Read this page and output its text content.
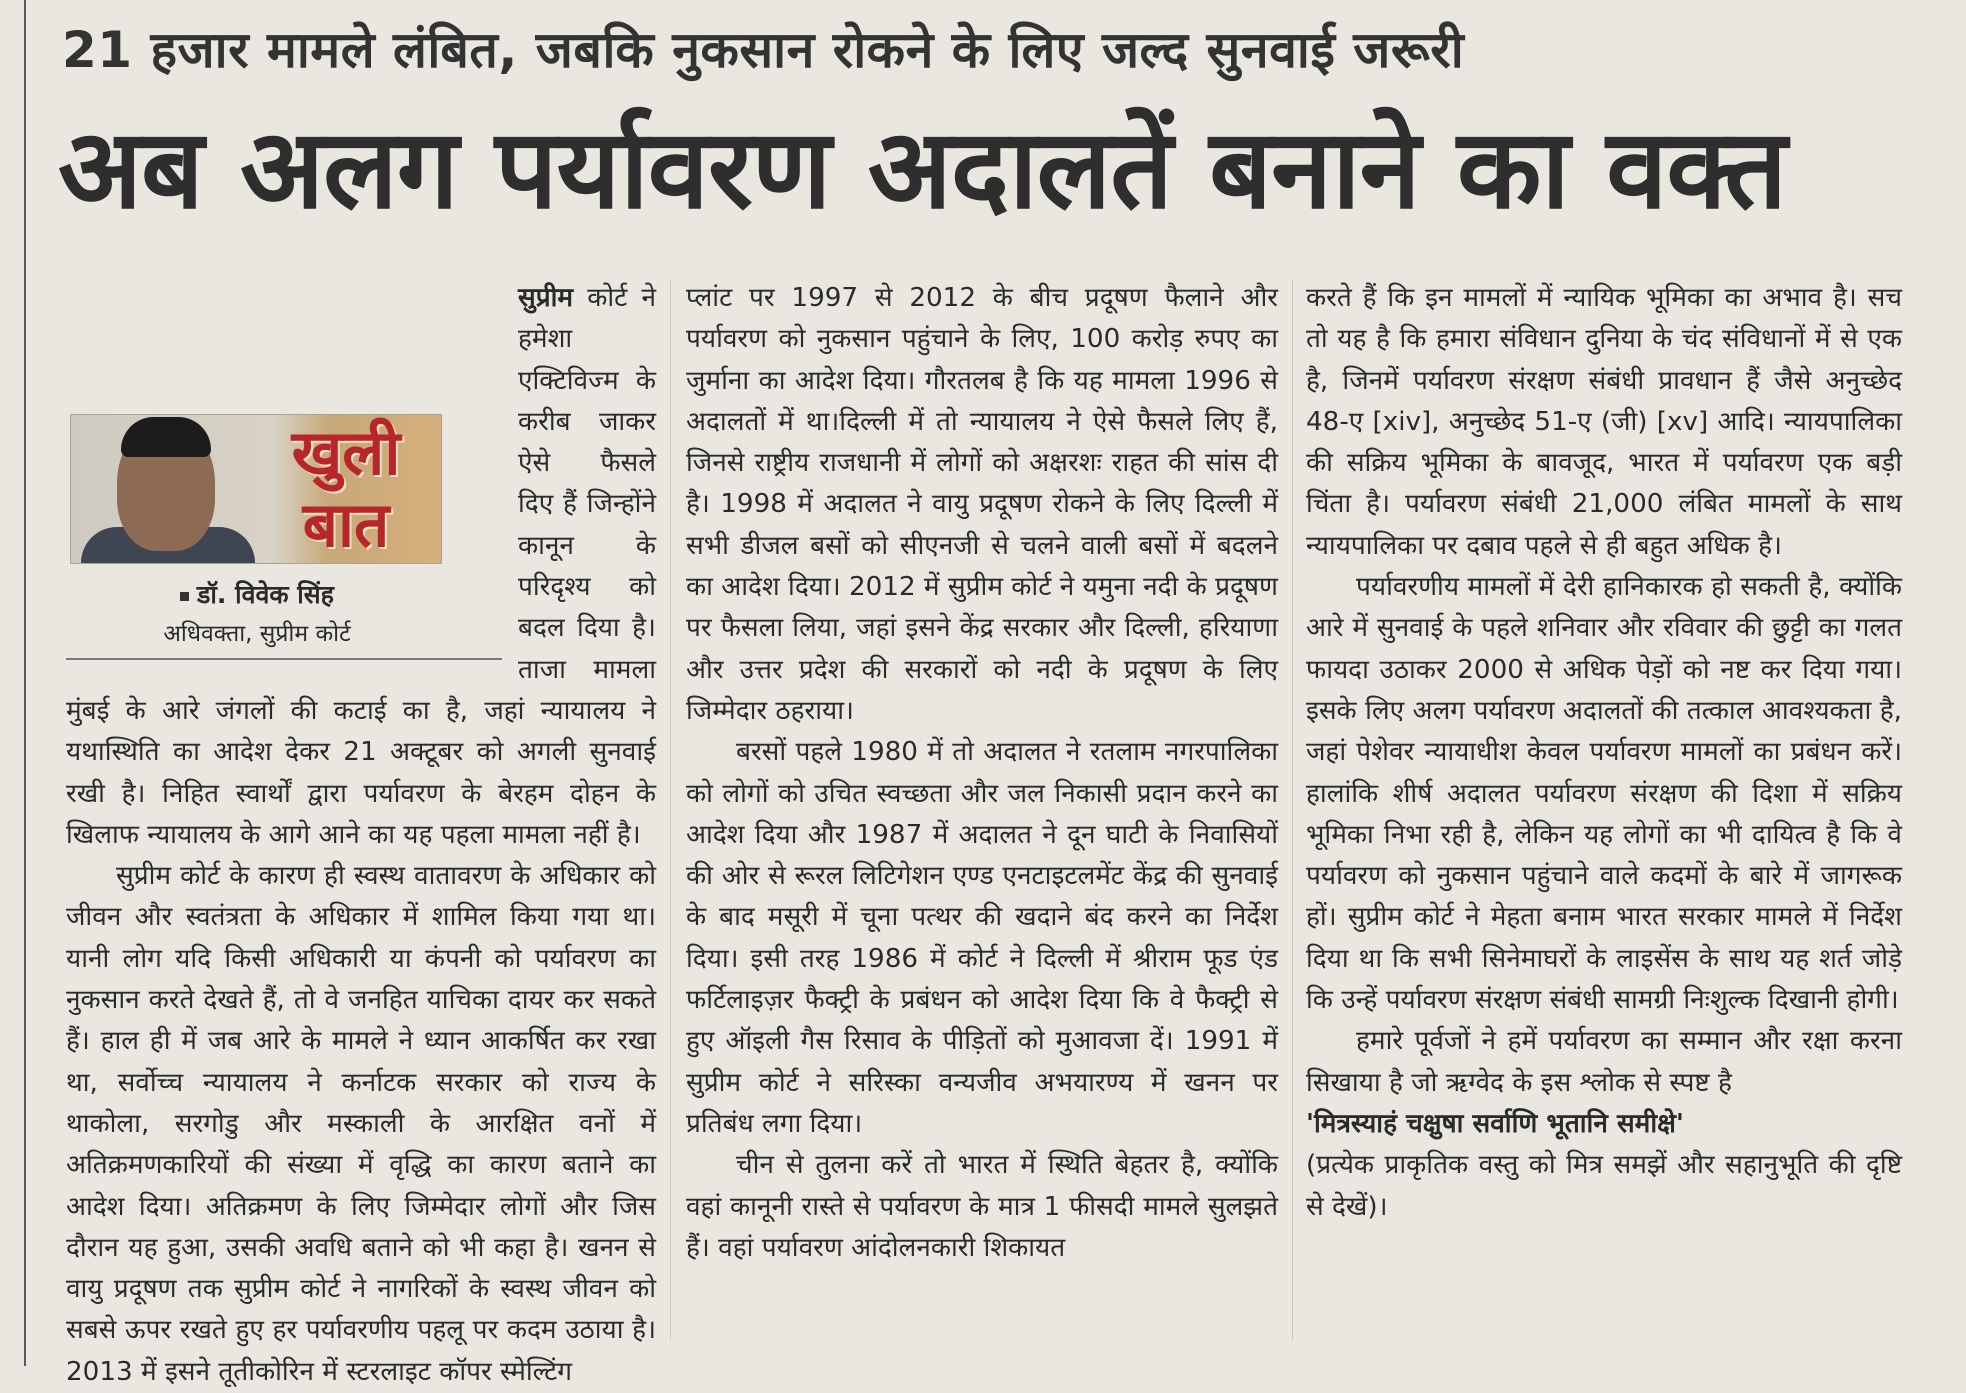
21 हजार मामले लंबित, जबकि नुकसान रोकने के लिए जल्द सुनवाई जरूरी
अब अलग पर्यावरण अदालतें बनाने का वक्त

सुप्रीम कोर्ट ने हमेशा एक्टिविज्म के करीब जाकर ऐसे फैसले दिए हैं जिन्होंने कानून के परिदृश्य को बदल दिया है। ताजा मामला मुंबई के आरे जंगलों की कटाई का है, जहां न्यायालय ने यथास्थिति का आदेश देकर 21 अक्टूबर को अगली सुनवाई रखी है। निहित स्वार्थों द्वारा पर्यावरण के बेरहम दोहन के खिलाफ न्यायालय के आगे आने का यह पहला मामला नहीं है।

सुप्रीम कोर्ट के कारण ही स्वस्थ वातावरण के अधिकार को जीवन और स्वतंत्रता के अधिकार में शामिल किया गया था। यानी लोग यदि किसी अधिकारी या कंपनी को पर्यावरण का नुकसान करते देखते हैं, तो वे जनहित याचिका दायर कर सकते हैं। हाल ही में जब आरे के मामले ने ध्यान आकर्षित कर रखा था, सर्वोच्च न्यायालय ने कर्नाटक सरकार को राज्य के थाकोला, सरगोडु और मस्काली के आरक्षित वनों में अतिक्रमणकारियों की संख्या में वृद्धि का कारण बताने का आदेश दिया। अतिक्रमण के लिए जिम्मेदार लोगों और जिस दौरान यह हुआ, उसकी अवधि बताने को भी कहा है। खनन से वायु प्रदूषण तक सुप्रीम कोर्ट ने नागरिकों के स्वस्थ जीवन को सबसे ऊपर रखते हुए हर पर्यावरणीय पहलू पर कदम उठाया है। 2013 में इसने तूतीकोरिन में स्टरलाइट कॉपर स्मेल्टिंग

खुली
बात
डॉ. विवेक सिंह
अधिवक्ता, सुप्रीम कोर्ट

प्लांट पर 1997 से 2012 के बीच प्रदूषण फैलाने और पर्यावरण को नुकसान पहुंचाने के लिए, 100 करोड़ रुपए का जुर्माना का आदेश दिया। गौरतलब है कि यह मामला 1996 से अदालतों में था।दिल्ली में तो न्यायालय ने ऐसे फैसले लिए हैं, जिनसे राष्ट्रीय राजधानी में लोगों को अक्षरशः राहत की सांस दी है। 1998 में अदालत ने वायु प्रदूषण रोकने के लिए दिल्ली में सभी डीजल बसों को सीएनजी से चलने वाली बसों में बदलने का आदेश दिया। 2012 में सुप्रीम कोर्ट ने यमुना नदी के प्रदूषण पर फैसला लिया, जहां इसने केंद्र सरकार और दिल्ली, हरियाणा और उत्तर प्रदेश की सरकारों को नदी के प्रदूषण के लिए जिम्मेदार ठहराया।

बरसों पहले 1980 में तो अदालत ने रतलाम नगरपालिका को लोगों को उचित स्वच्छता और जल निकासी प्रदान करने का आदेश दिया और 1987 में अदालत ने दून घाटी के निवासियों की ओर से रूरल लिटिगेशन एण्ड एनटाइटलमेंट केंद्र की सुनवाई के बाद मसूरी में चूना पत्थर की खदाने बंद करने का निर्देश दिया। इसी तरह 1986 में कोर्ट ने दिल्ली में श्रीराम फूड एंड फर्टिलाइज़र फैक्ट्री के प्रबंधन को आदेश दिया कि वे फैक्ट्री से हुए ऑइली गैस रिसाव के पीड़ितों को मुआवजा दें। 1991 में सुप्रीम कोर्ट ने सरिस्का वन्यजीव अभयारण्य में खनन पर प्रतिबंध लगा दिया।

चीन से तुलना करें तो भारत में स्थिति बेहतर है, क्योंकि वहां कानूनी रास्ते से पर्यावरण के मात्र 1 फीसदी मामले सुलझते हैं। वहां पर्यावरण आंदोलनकारी शिकायत

करते हैं कि इन मामलों में न्यायिक भूमिका का अभाव है। सच तो यह है कि हमारा संविधान दुनिया के चंद संविधानों में से एक है, जिनमें पर्यावरण संरक्षण संबंधी प्रावधान हैं जैसे अनुच्छेद 48-ए [xiv], अनुच्छेद 51-ए (जी) [xv] आदि। न्यायपालिका की सक्रिय भूमिका के बावजूद, भारत में पर्यावरण एक बड़ी चिंता है। पर्यावरण संबंधी 21,000 लंबित मामलों के साथ न्यायपालिका पर दबाव पहले से ही बहुत अधिक है।

पर्यावरणीय मामलों में देरी हानिकारक हो सकती है, क्योंकि आरे में सुनवाई के पहले शनिवार और रविवार की छुट्टी का गलत फायदा उठाकर 2000 से अधिक पेड़ों को नष्ट कर दिया गया। इसके लिए अलग पर्यावरण अदालतों की तत्काल आवश्यकता है, जहां पेशेवर न्यायाधीश केवल पर्यावरण मामलों का प्रबंधन करें। हालांकि शीर्ष अदालत पर्यावरण संरक्षण की दिशा में सक्रिय भूमिका निभा रही है, लेकिन यह लोगों का भी दायित्व है कि वे पर्यावरण को नुकसान पहुंचाने वाले कदमों के बारे में जागरूक हों। सुप्रीम कोर्ट ने मेहता बनाम भारत सरकार मामले में निर्देश दिया था कि सभी सिनेमाघरों के लाइसेंस के साथ यह शर्त जोड़े कि उन्हें पर्यावरण संरक्षण संबंधी सामग्री निःशुल्क दिखानी होगी।

हमारे पूर्वजों ने हमें पर्यावरण का सम्मान और रक्षा करना सिखाया है जो ऋग्वेद के इस श्लोक से स्पष्ट है

'मित्रस्याहं चक्षुषा सर्वाणि भूतानि समीक्षे'

(प्रत्येक प्राकृतिक वस्तु को मित्र समझें और सहानुभूति की दृष्टि से देखें)।
